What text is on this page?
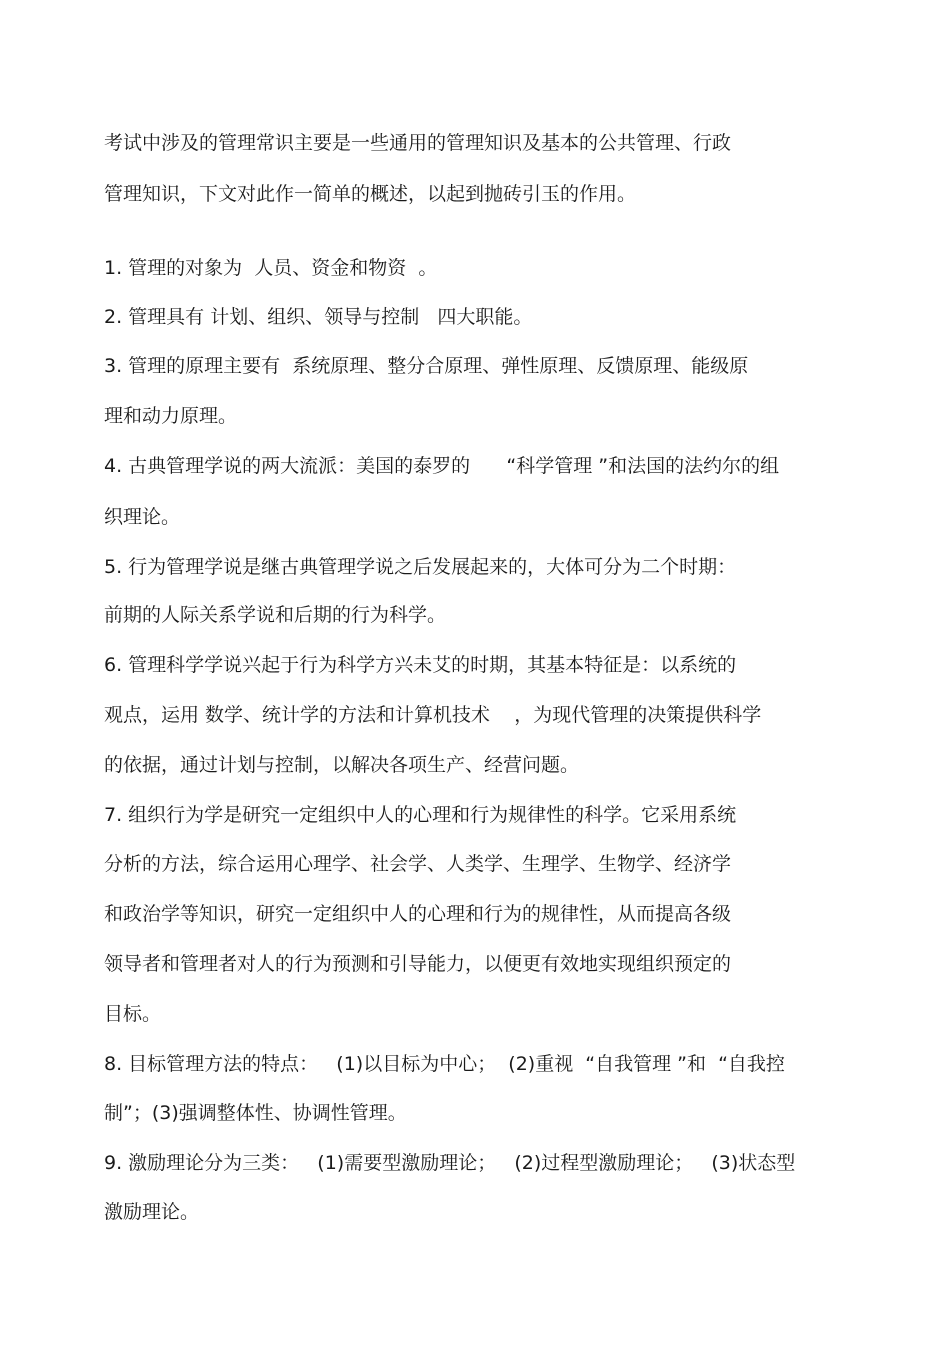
考试中涉及的管理常识主要是一些通用的管理知识及基本的公共管理、行政

管理知识，下文对此作一简单的概述，以起到抛砖引玉的作用。

1. 管理的对象为  人员、资金和物资  。

2. 管理具有 计划、组织、领导与控制   四大职能。

3. 管理的原理主要有  系统原理、整分合原理、弹性原理、反馈原理、能级原

理和动力原理。

4. 古典管理学说的两大流派：美国的泰罗的      “科学管理 ”和法国的法约尔的组

织理论。

5. 行为管理学说是继古典管理学说之后发展起来的，大体可分为二个时期：

前期的人际关系学说和后期的行为科学。

6. 管理科学学说兴起于行为科学方兴未艾的时期，其基本特征是：以系统的

观点，运用 数学、统计学的方法和计算机技术    ，为现代管理的决策提供科学

的依据，通过计划与控制，以解决各项生产、经营问题。

7. 组织行为学是研究一定组织中人的心理和行为规律性的科学。它采用系统

分析的方法，综合运用心理学、社会学、人类学、生理学、生物学、经济学

和政治学等知识，研究一定组织中人的心理和行为的规律性，从而提高各级

领导者和管理者对人的行为预测和引导能力，以便更有效地实现组织预定的

目标。

8. 目标管理方法的特点：   (1)以目标为中心；  (2)重视  “自我管理 ”和  “自我控

制”；(3)强调整体性、协调性管理。

9. 激励理论分为三类：   (1)需要型激励理论；   (2)过程型激励理论；   (3)状态型

激励理论。
